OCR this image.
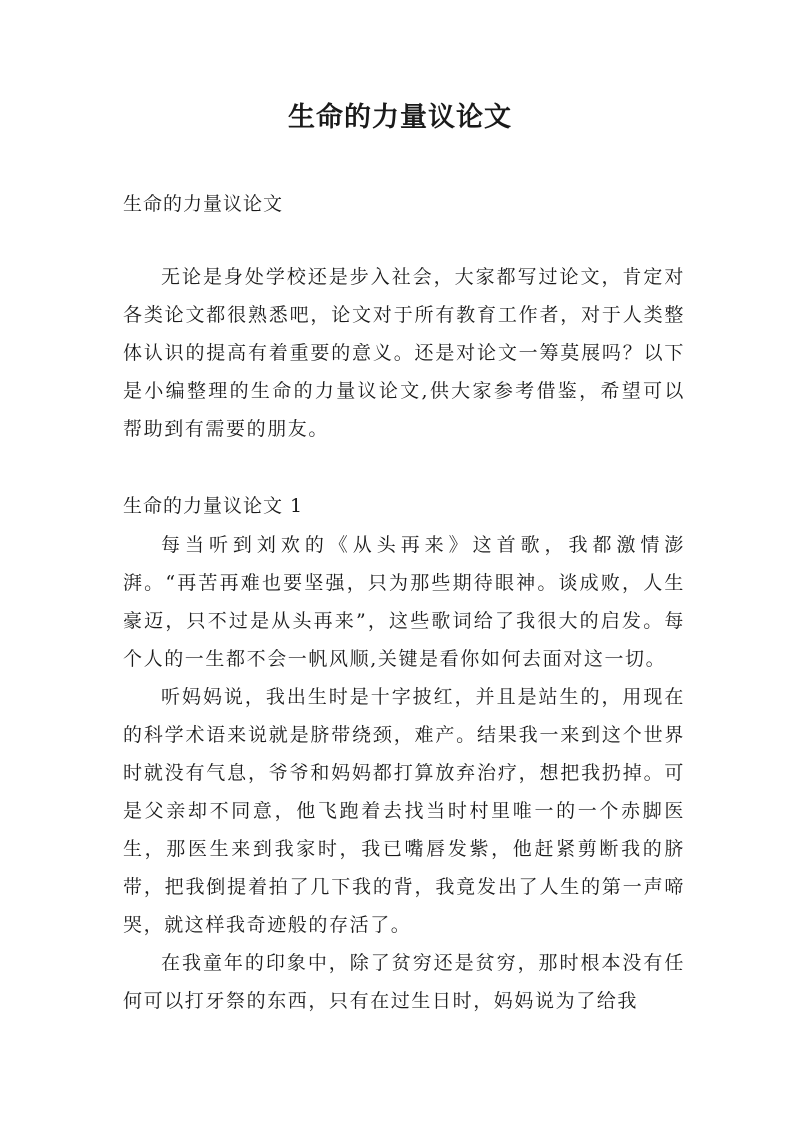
生命的力量议论文
生命的力量议论文

无论是身处学校还是步入社会，大家都写过论文，肯定对各类论文都很熟悉吧，论文对于所有教育工作者，对于人类整体认识的提高有着重要的意义。还是对论文一筹莫展吗？以下是小编整理的生命的力量议论文,供大家参考借鉴，希望可以帮助到有需要的朋友。

生命的力量议论文 1

每当听到刘欢的《从头再来》这首歌，我都激情澎湃。“再苦再难也要坚强，只为那些期待眼神。谈成败，人生豪迈，只不过是从头再来”，这些歌词给了我很大的启发。每个人的一生都不会一帆风顺,关键是看你如何去面对这一切。

听妈妈说，我出生时是十字披红，并且是站生的，用现在的科学术语来说就是脐带绕颈，难产。结果我一来到这个世界时就没有气息，爷爷和妈妈都打算放弃治疗，想把我扔掉。可是父亲却不同意，他飞跑着去找当时村里唯一的一个赤脚医生，那医生来到我家时，我已嘴唇发紫，他赶紧剪断我的脐带，把我倒提着拍了几下我的背，我竟发出了人生的第一声啼哭，就这样我奇迹般的存活了。

在我童年的印象中，除了贫穷还是贫穷，那时根本没有任何可以打牙祭的东西，只有在过生日时，妈妈说为了给我
